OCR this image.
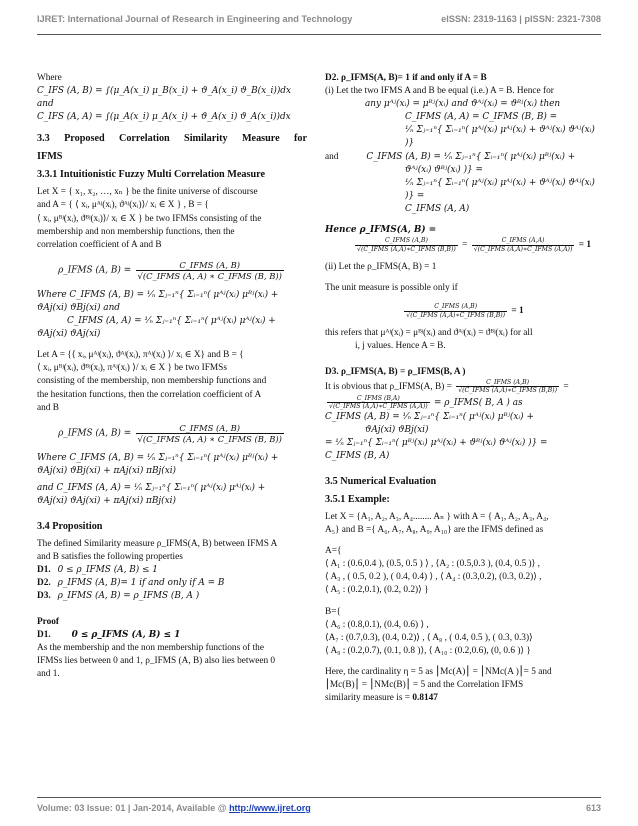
IJRET: International Journal of Research in Engineering and Technology	eISSN: 2319-1163 | pISSN: 2321-7308

Where

C_IFS (A, B) = ∫(μ_A(x_i) μ_B(x_i) + ϑ_A(x_i) ϑ_B(x_i))dx and

C_IFS (A, A) = ∫(μ_A(x_i) μ_A(x_i) + ϑ_A(x_i) ϑ_A(x_i))dx

3.3 Proposed Correlation Similarity Measure for

IFMS

3.3.1 Intuitionistic Fuzzy Multi Correlation Measure

Let X = { x₁, x₂, …, xₙ } be the finite universe of discourse

and A = { ⟨ xᵢ, μᴬʲ(xᵢ), ϑᴬʲ(xᵢ)⟩/ xᵢ ∈ X } , B = {

⟨ xᵢ, μᴮʲ(xᵢ), ϑᴮʲ(xᵢ)⟩/ xᵢ ∈ X } be two IFMSs consisting of the

membership and non membership functions, then the

correlation coefficient of A and B

ρ_IFMS (A, $B) = \frac{\text{C\_IFMS (A, B)}}{\text{√(C\_IFMS (A, A) ∗ C\_IFMS (B, B))}}$

Where C_IFMS (A, B) = ¹⁄ₙ Σⱼ₌₁ⁿ{ Σᵢ₌₁ⁿ( μᴬʲ(xᵢ) μᴮʲ(xᵢ) +

ϑAj(xi) ϑBj(xi) and

C_IFMS (A, A) = ¹⁄ₙ Σⱼ₌₁ⁿ{ Σᵢ₌₁ⁿ( μᴬʲ(xᵢ) μᴬʲ(xᵢ) +

ϑAj(xi) ϑAj(xi)

Let A = {⟨ xᵢ, μᴬʲ(xᵢ), ϑᴬʲ(xᵢ), πᴬʲ(xᵢ) ⟩/ xᵢ ∈ X} and B = {

⟨ xᵢ, μᴮʲ(xᵢ), ϑᴮʲ(xᵢ), πᴬʲ(xᵢ) ⟩/ xᵢ ∈ X } be two IFMSs

consisting of the membership, non membership functions and

the hesitation functions, then the correlation coefficient of A

and B

ρ_IFMS (A, $B) = \frac{\text{C\_IFMS (A, B)}}{\text{√(C\_IFMS (A, A) ∗ C\_IFMS (B, B))}}$

Where C_IFMS (A, B) = ¹⁄ₙ Σⱼ₌₁ⁿ{ Σᵢ₌₁ⁿ( μᴬʲ(xᵢ) μᴮʲ(xᵢ) +

ϑAj(xi) ϑBj(xi) + πAj(xi) πBj(xi)

and C_IFMS (A, A) = ¹⁄ₙ Σⱼ₌₁ⁿ{ Σᵢ₌₁ⁿ( μᴬʲ(xᵢ) μᴬʲ(xᵢ) +

ϑAj(xi) ϑAj(xi) + πAj(xi) πBj(xi)

3.4 Proposition

The defined Similarity measure ρ_IFMS(A, B) between IFMS A

and B satisfies the following properties

D1. 0 ≤ ρ_IFMS (A, B) ≤ 1

D2. ρ_IFMS (A, B)= 1 if and only if A = B

D3. ρ_IFMS (A, B) = ρ_IFMS (B, A )

Proof

D1. 0 ≤ ρ_IFMS (A, B) ≤ 1

As the membership and the non membership functions of the

IFMSs lies between 0 and 1, ρ_IFMS (A, B) also lies between 0

and 1.

D2. ρ_IFMS(A, B)= 1 if and only if A = B

(i) Let the two IFMS A and B be equal (i.e.) A = B. Hence for

any μᴬʲ(xᵢ) = μᴮʲ(xᵢ) and ϑᴬʲ(xᵢ) = ϑᴮʲ(xᵢ) then

C_IFMS (A, A) = C_IFMS (B, B) =

¹⁄ₙ Σⱼ₌₁ⁿ{ Σᵢ₌₁ⁿ( μᴬʲ(xᵢ) μᴬʲ(xᵢ) + ϑᴬʲ(xᵢ) ϑᴬʲ(xᵢ) )}

and	C_IFMS (A, B) = ¹⁄ₙ Σⱼ₌₁ⁿ{ Σᵢ₌₁ⁿ( μᴬʲ(xᵢ) μᴮʲ(xᵢ) +

ϑᴬʲ(xᵢ) ϑᴮʲ(xᵢ) )} =

¹⁄ₙ Σⱼ₌₁ⁿ{ Σᵢ₌₁ⁿ( μᴬʲ(xᵢ) μᴬʲ(xᵢ) + ϑᴬʲ(xᵢ) ϑᴬʲ(xᵢ) )} =

C_IFMS (A, A)

Hence ρ_IFMS(A, B) =

$\frac{\text{C\_IFMS (A,B)}}{\text{√(C\_IFMS (A,A)∗C\_IFMS (B,B))}} = \frac{\text{C\_IFMS (A,A)}}{\text{√(C\_IFMS (A,A)∗C\_IFMS (A,A))}} = 1$

(ii) Let the ρ_IFMS(A, B) = 1

The unit measure is possible only if

$\frac{\text{C\_IFMS (A,B)}}{\text{√(C\_IFMS (A,A)∗C\_IFMS (B,B))}} = 1$

this refers that μᴬʲ(xᵢ) = μᴮʲ(xᵢ) and ϑᴬʲ(xᵢ) = ϑᴮʲ(xᵢ) for all

i, j values. Hence A = B.

D3. ρ_IFMS(A, B) = ρ_IFMS(B, A )

It is obvious that ρ_IFMS(A, $B) = \frac{\text{C\_IFMS (A,B)}}{\text{√(C\_IFMS (A,A)∗C\_IFMS (B,B))}}$ =

$\frac{\text{C\_IFMS (B,A)}}{\text{√(C\_IFMS (A,A)∗C\_IFMS (A,A))}}$ = ρ_IFMS( B, A ) as

C_IFMS (A, B) = ¹⁄ₙ Σⱼ₌₁ⁿ{ Σᵢ₌₁ⁿ( μᴬʲ(xᵢ) μᴮʲ(xᵢ) +

ϑAj(xi) ϑBj(xi)

= ¹⁄ₙ Σⱼ₌₁ⁿ{ Σᵢ₌₁ⁿ( μᴮʲ(xᵢ) μᴬʲ(xᵢ) + ϑᴮʲ(xᵢ) ϑᴬʲ(xᵢ) )} =

C_IFMS (B, A)

3.5 Numerical Evaluation

3.5.1 Example:

Let X = {A₁, A₂, A₃, A₄........ Aₙ } with A = { A₁, A₂, A₃, A₄,

A₅} and B ={ A₆, A₇, A₈, A₉, A₁₀} are the IFMS defined as

A={

⟨ A₁ : (0.6,0.4 ), (0.5, 0.5 ) ⟩ , ⟨A₂ : (0.5,0.3 ), (0.4, 0.5 )⟩ ,

⟨ A₃ , ( 0.5, 0.2 ), ( 0.4, 0.4) ⟩ , ⟨ A₄ : (0.3,0.2), (0.3, 0.2)⟩ ,

⟨ A₅ : (0.2,0.1), (0.2, 0.2)⟩ }

B={

⟨ A₆ : (0.8,0.1), (0.4, 0.6) ⟩ ,

⟨A₇ : (0.7,0.3), (0.4, 0.2)⟩ , ⟨ A₈ , ( 0.4, 0.5 ), ( 0.3, 0.3)⟩

⟨ A₉ : (0.2,0.7), (0.1, 0.8 )⟩, ⟨ A₁₀ : (0.2,0.6), (0, 0.6 )⟩ }

Here, the cardinality η = 5 as ⎮Mc(A)⎮ = ⎮NMc(A )⎮= 5 and

⎮Mc(B)⎮ = ⎮NMc(B)⎮ = 5 and the Correlation IFMS

similarity measure is = 0.8147

Volume: 03 Issue: 01 | Jan-2014, Available @ http://www.ijret.org	613
